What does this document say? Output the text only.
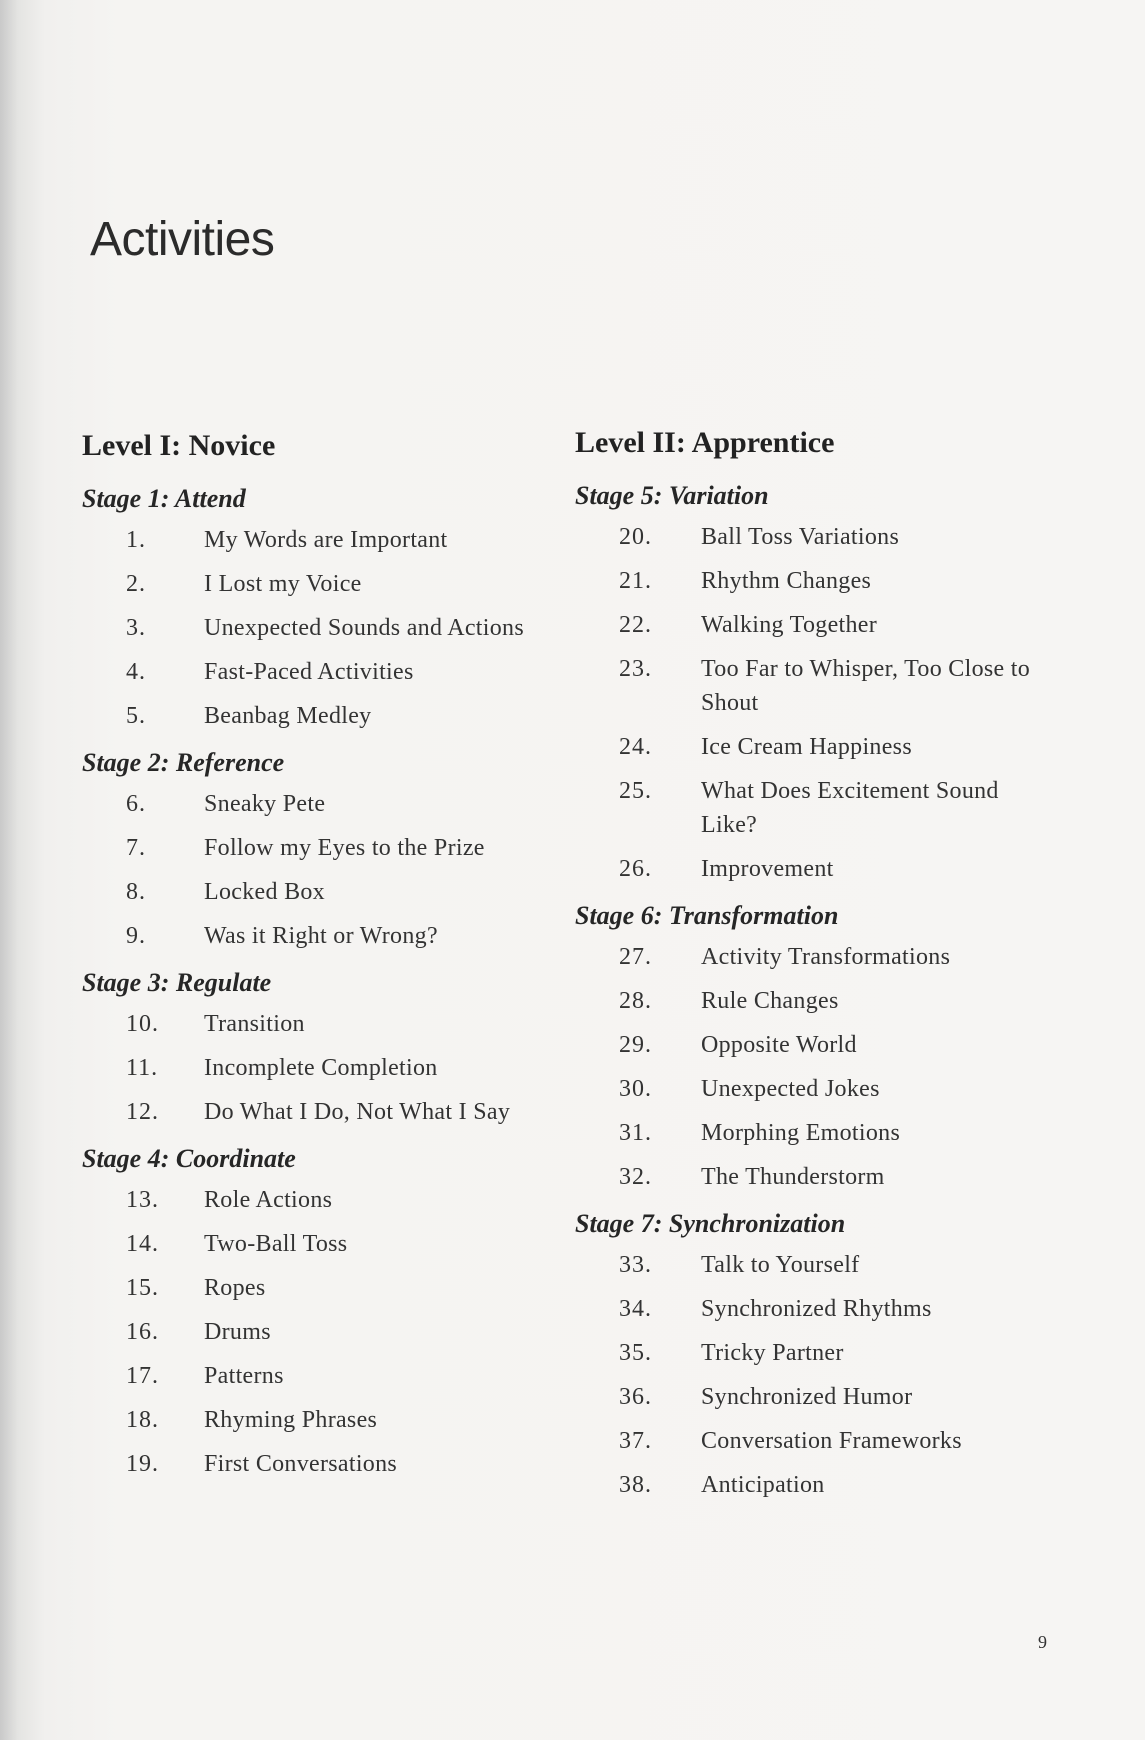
Activities
Level I: Novice
Stage 1: Attend
1.	My Words are Important
2.	I Lost my Voice
3.	Unexpected Sounds and Actions
4.	Fast-Paced Activities
5.	Beanbag Medley
Stage 2: Reference
6.	Sneaky Pete
7.	Follow my Eyes to the Prize
8.	Locked Box
9.	Was it Right or Wrong?
Stage 3: Regulate
10.	Transition
11.	Incomplete Completion
12.	Do What I Do, Not What I Say
Stage 4: Coordinate
13.	Role Actions
14.	Two-Ball Toss
15.	Ropes
16.	Drums
17.	Patterns
18.	Rhyming Phrases
19.	First Conversations
Level II: Apprentice
Stage 5: Variation
20.	Ball Toss Variations
21.	Rhythm Changes
22.	Walking Together
23.	Too Far to Whisper, Too Close to Shout
24.	Ice Cream Happiness
25.	What Does Excitement Sound Like?
26.	Improvement
Stage 6: Transformation
27.	Activity Transformations
28.	Rule Changes
29.	Opposite World
30.	Unexpected Jokes
31.	Morphing Emotions
32.	The Thunderstorm
Stage 7: Synchronization
33.	Talk to Yourself
34.	Synchronized Rhythms
35.	Tricky Partner
36.	Synchronized Humor
37.	Conversation Frameworks
38.	Anticipation
9
